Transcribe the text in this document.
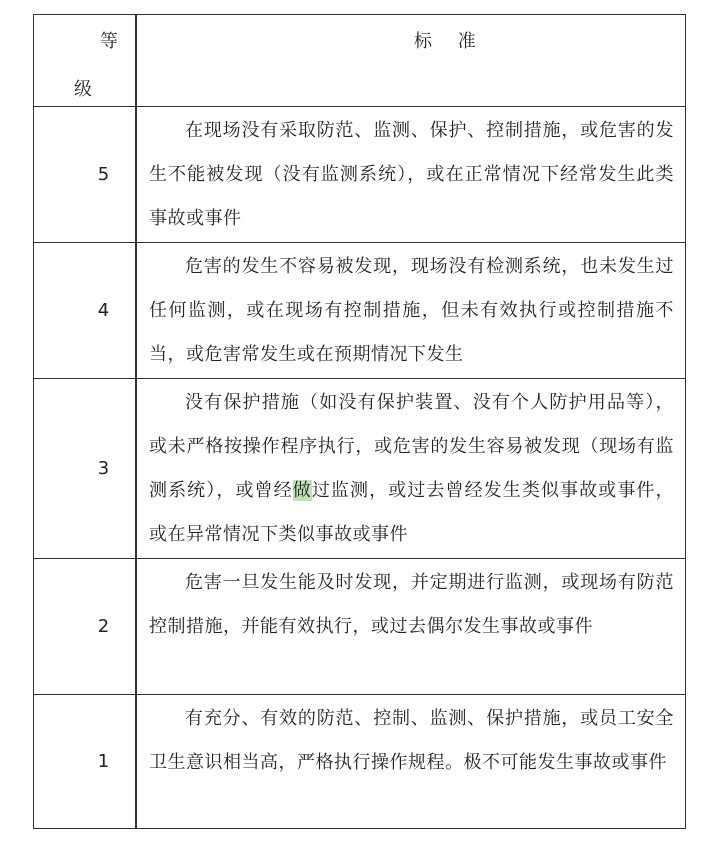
等
级
标 准
5
在现场没有采取防范、监测、保护、控制措施，或危害的发生不能被发现（没有监测系统），或在正常情况下经常发生此类事故或事件
4
危害的发生不容易被发现，现场没有检测系统，也未发生过任何监测，或在现场有控制措施，但未有效执行或控制措施不当，或危害常发生或在预期情况下发生
3
没有保护措施（如没有保护装置、没有个人防护用品等），或未严格按操作程序执行，或危害的发生容易被发现（现场有监测系统），或曾经做过监测，或过去曾经发生类似事故或事件，或在异常情况下类似事故或事件
2
危害一旦发生能及时发现，并定期进行监测，或现场有防范控制措施，并能有效执行，或过去偶尔发生事故或事件
1
有充分、有效的防范、控制、监测、保护措施，或员工安全卫生意识相当高，严格执行操作规程。极不可能发生事故或事件
